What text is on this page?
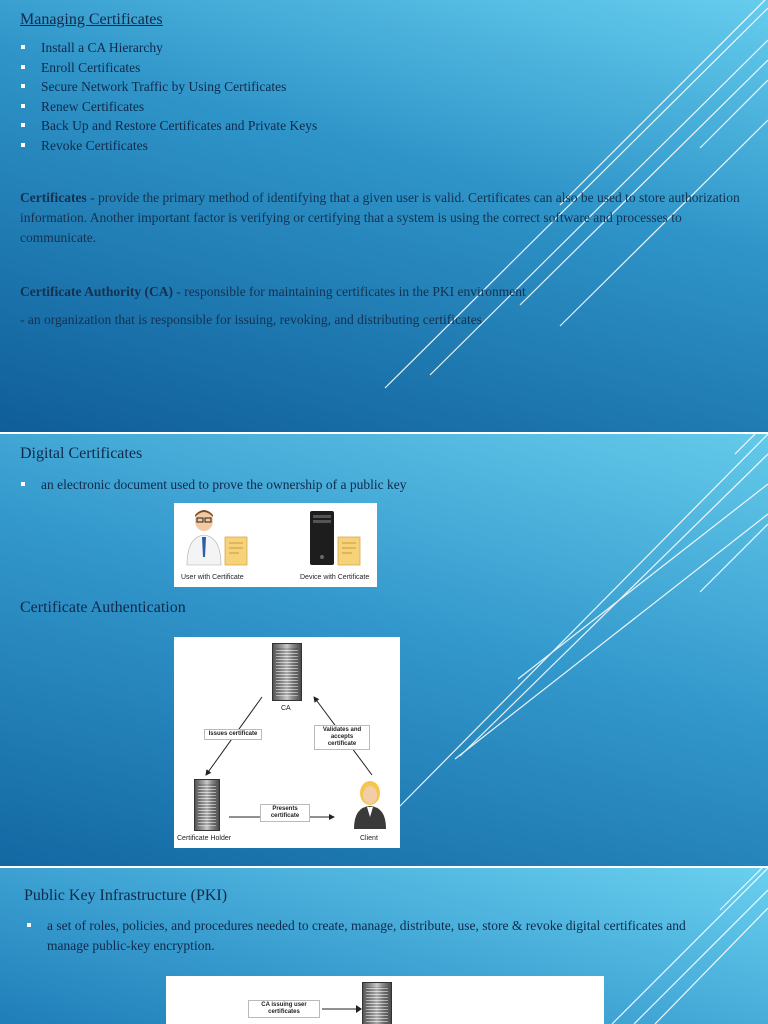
Managing Certificates
Install a CA Hierarchy
Enroll Certificates
Secure Network Traffic by Using Certificates
Renew Certificates
Back Up and Restore Certificates and Private Keys
Revoke Certificates
Certificates - provide the primary method of identifying that a given user is valid. Certificates can also be used to store authorization information. Another important factor is verifying or certifying that a system is using the correct software and processes to communicate.
Certificate Authority (CA) - responsible for maintaining certificates in the PKI environment
- an organization that is responsible for issuing, revoking, and distributing certificates
Digital Certificates
an electronic document used to prove the ownership of a public key
User with Certificate	Device with Certificate
Certificate Authentication
CA
Issues certificate
Validates and accepts certificate
Presents certificate
Certificate Holder	Client
Public Key Infrastructure (PKI)
a set of roles, policies, and procedures needed to create, manage, distribute, use, store & revoke digital certificates and manage public-key encryption.
CA issuing user certificates
